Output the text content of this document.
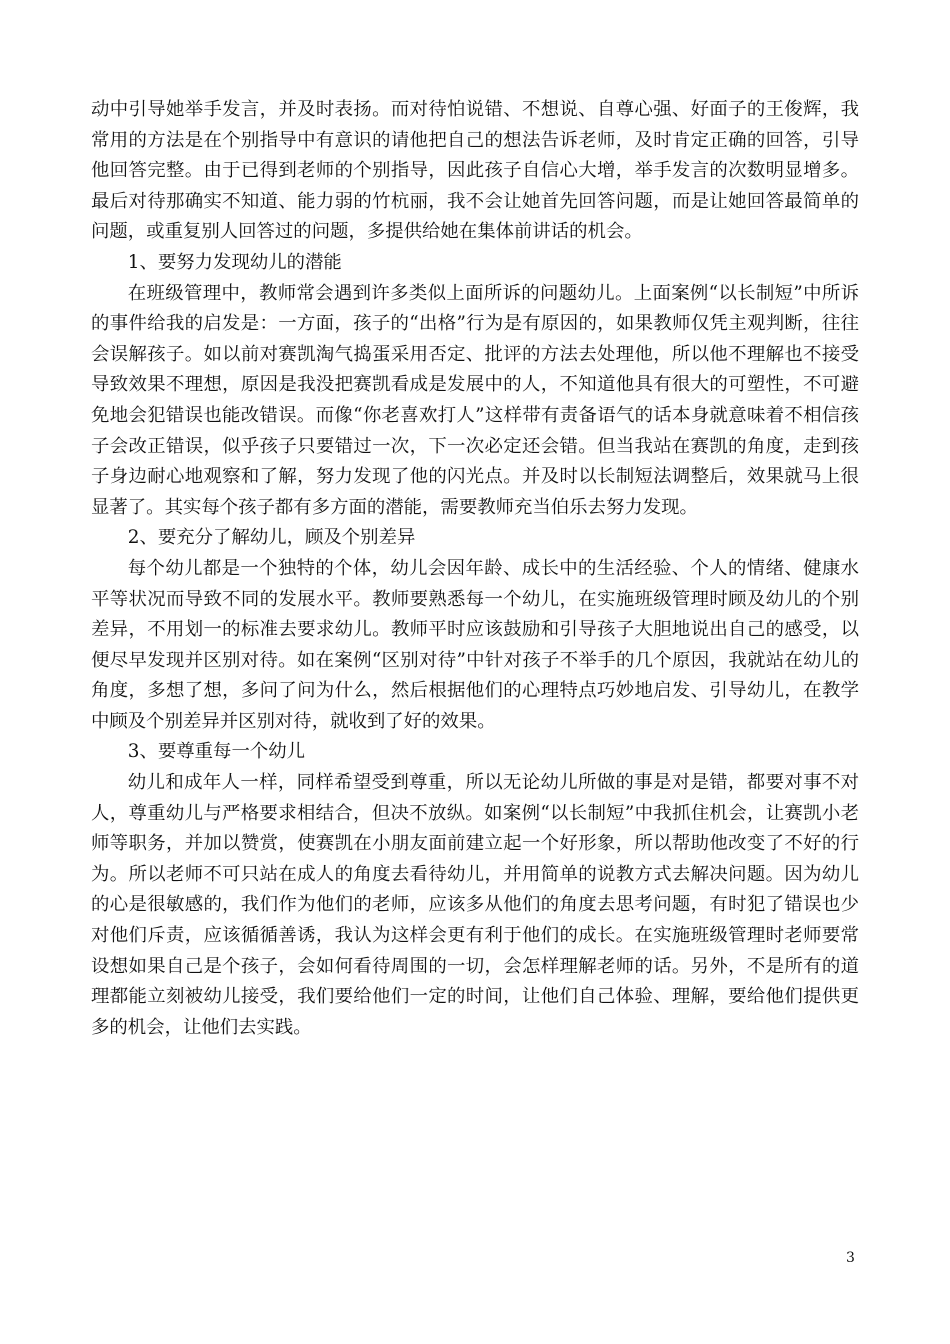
动中引导她举手发言，并及时表扬。而对待怕说错、不想说、自尊心强、好面子的王俊辉，我常用的方法是在个别指导中有意识的请他把自己的想法告诉老师，及时肯定正确的回答，引导他回答完整。由于已得到老师的个别指导，因此孩子自信心大增，举手发言的次数明显增多。最后对待那确实不知道、能力弱的竹杭丽，我不会让她首先回答问题，而是让她回答最简单的问题，或重复别人回答过的问题，多提供给她在集体前讲话的机会。

1、要努力发现幼儿的潜能

在班级管理中，教师常会遇到许多类似上面所诉的问题幼儿。上面案例“以长制短”中所诉的事件给我的启发是：一方面，孩子的“出格”行为是有原因的，如果教师仅凭主观判断，往往会误解孩子。如以前对赛凯淘气捣蛋采用否定、批评的方法去处理他，所以他不理解也不接受导致效果不理想，原因是我没把赛凯看成是发展中的人，不知道他具有很大的可塑性，不可避免地会犯错误也能改错误。而像“你老喜欢打人”这样带有责备语气的话本身就意味着不相信孩子会改正错误，似乎孩子只要错过一次，下一次必定还会错。但当我站在赛凯的角度，走到孩子身边耐心地观察和了解，努力发现了他的闪光点。并及时以长制短法调整后，效果就马上很显著了。其实每个孩子都有多方面的潜能，需要教师充当伯乐去努力发现。

2、要充分了解幼儿，顾及个别差异

每个幼儿都是一个独特的个体，幼儿会因年龄、成长中的生活经验、个人的情绪、健康水平等状况而导致不同的发展水平。教师要熟悉每一个幼儿，在实施班级管理时顾及幼儿的个别差异，不用划一的标准去要求幼儿。教师平时应该鼓励和引导孩子大胆地说出自己的感受，以便尽早发现并区别对待。如在案例“区别对待”中针对孩子不举手的几个原因，我就站在幼儿的角度，多想了想，多问了问为什么，然后根据他们的心理特点巧妙地启发、引导幼儿，在教学中顾及个别差异并区别对待，就收到了好的效果。

3、要尊重每一个幼儿

幼儿和成年人一样，同样希望受到尊重，所以无论幼儿所做的事是对是错，都要对事不对人，尊重幼儿与严格要求相结合，但决不放纵。如案例“以长制短”中我抓住机会，让赛凯小老师等职务，并加以赞赏，使赛凯在小朋友面前建立起一个好形象，所以帮助他改变了不好的行为。所以老师不可只站在成人的角度去看待幼儿，并用简单的说教方式去解决问题。因为幼儿的心是很敏感的，我们作为他们的老师，应该多从他们的角度去思考问题，有时犯了错误也少对他们斥责，应该循循善诱，我认为这样会更有利于他们的成长。在实施班级管理时老师要常设想如果自己是个孩子，会如何看待周围的一切，会怎样理解老师的话。另外，不是所有的道理都能立刻被幼儿接受，我们要给他们一定的时间，让他们自己体验、理解，要给他们提供更多的机会，让他们去实践。

3
